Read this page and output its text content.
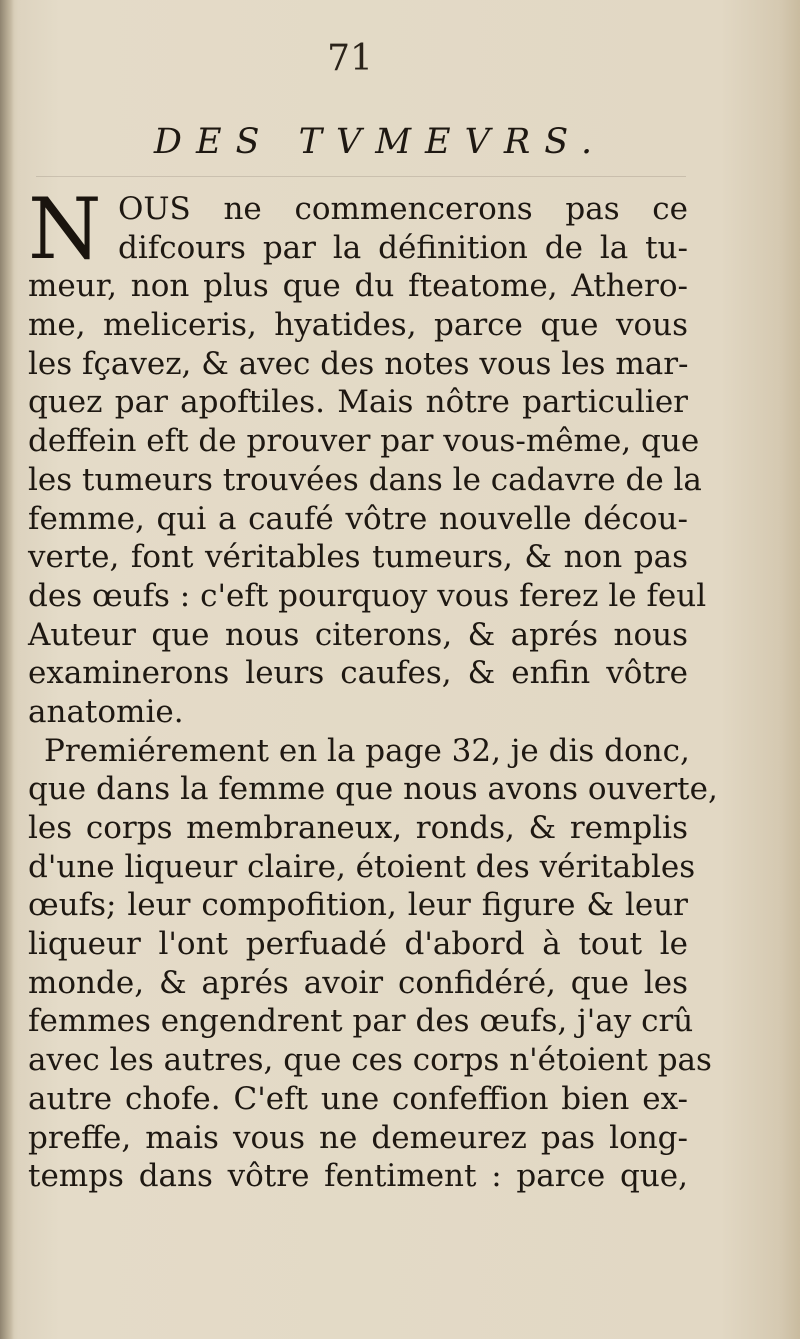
71
DES TVMEVRS.
N OUS ne commencerons pas ce
difcours par la définition de la tu-
meur, non plus que du fteatome, Athero-
me, meliceris, hyatides, parce que vous
les fçavez, & avec des notes vous les mar-
quez par apoftiles. Mais nôtre particulier
deffein eft de prouver par vous-même, que
les tumeurs trouvées dans le cadavre de la
femme, qui a caufé vôtre nouvelle décou-
verte, font véritables tumeurs, & non pas
des œufs : c'eft pourquoy vous ferez le feul
Auteur que nous citerons, & aprés nous
examinerons leurs caufes, & enfin vôtre
anatomie.
Premiérement en la page 32, je dis donc,
que dans la femme que nous avons ouverte,
les corps membraneux, ronds, & remplis
d'une liqueur claire, étoient des véritables
œufs; leur compofition, leur figure & leur
liqueur l'ont perfuadé d'abord à tout le
monde, & aprés avoir confidéré, que les
femmes engendrent par des œufs, j'ay crû
avec les autres, que ces corps n'étoient pas
autre chofe. C'eft une confeffion bien ex-
preffe, mais vous ne demeurez pas long-
temps dans vôtre fentiment : parce que,
